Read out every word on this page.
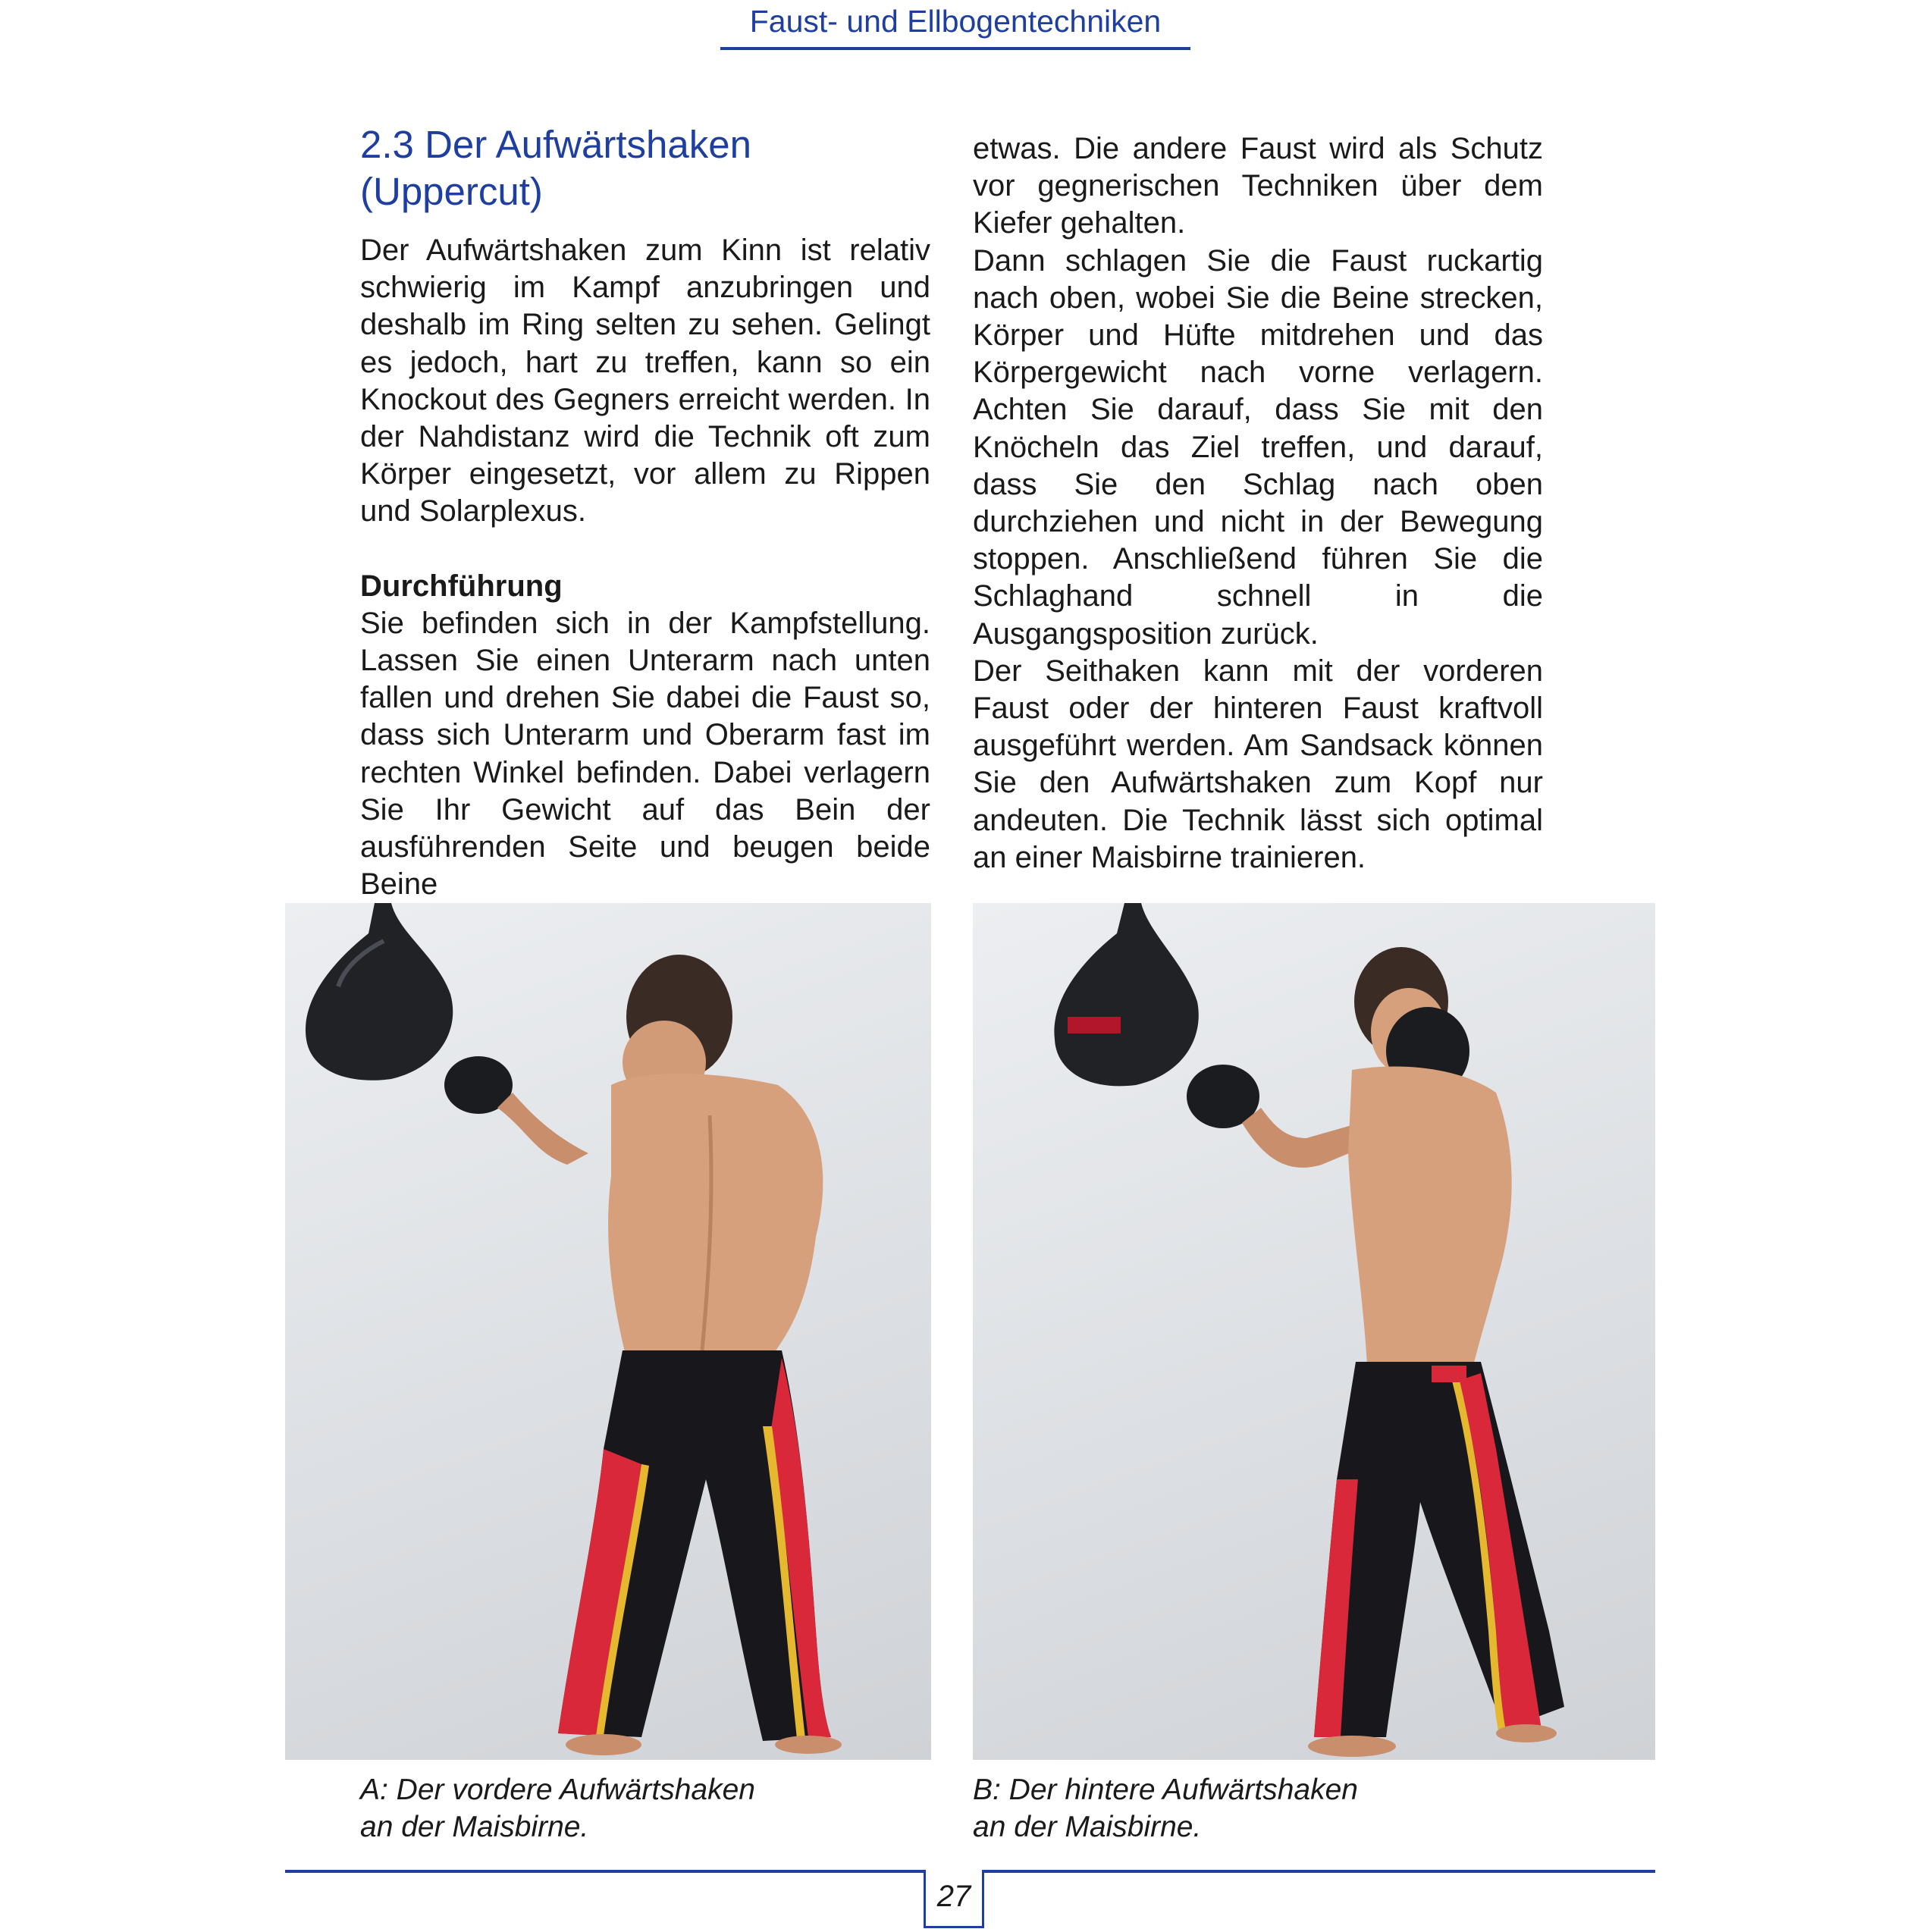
Faust- und Ellbogentechniken
2.3 Der Aufwärtshaken
(Uppercut)

Der Aufwärtshaken zum Kinn ist relativ schwierig im Kampf anzubringen und deshalb im Ring selten zu sehen. Gelingt es jedoch, hart zu treffen, kann so ein Knockout des Gegners erreicht werden. In der Nahdistanz wird die Technik oft zum Körper eingesetzt, vor allem zu Rippen und Solarplexus.

Durchführung

Sie befinden sich in der Kampfstellung. Lassen Sie einen Unterarm nach unten fallen und drehen Sie dabei die Faust so, dass sich Unterarm und Oberarm fast im rechten Winkel befinden. Dabei verlagern Sie Ihr Gewicht auf das Bein der ausführenden Seite und beugen beide Beine

etwas. Die andere Faust wird als Schutz vor gegnerischen Techniken über dem Kiefer gehalten.

Dann schlagen Sie die Faust ruckartig nach oben, wobei Sie die Beine strecken, Körper und Hüfte mitdrehen und das Körpergewicht nach vorne verlagern. Achten Sie darauf, dass Sie mit den Knöcheln das Ziel treffen, und darauf, dass Sie den Schlag nach oben durchziehen und nicht in der Bewegung stoppen. Anschließend führen Sie die Schlaghand schnell in die Ausgangsposition zurück.

Der Seithaken kann mit der vorderen Faust oder der hinteren Faust kraftvoll ausgeführt werden. Am Sandsack können Sie den Aufwärtshaken zum Kopf nur andeuten. Die Technik lässt sich optimal an einer Maisbirne trainieren.

A: Der vordere Aufwärtshaken
an der Maisbirne.
B: Der hintere Aufwärtshaken
an der Maisbirne.
27
